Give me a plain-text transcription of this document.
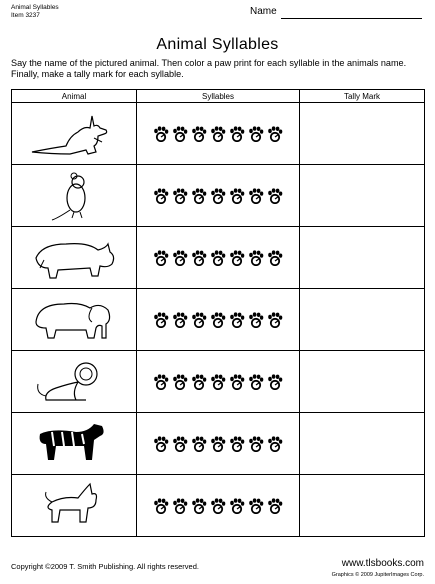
Animal Syllables
Item 3237	Name
Animal Syllables
Say the name of the pictured animal. Then color a paw print for each syllable in the animals name. Finally, make a tally mark for each syllable.
Animal	Syllables	Tally Mark

Copyright ©2009 T. Smith Publishing. All rights reserved.	www.tlsbooks.com
Graphics © 2009 JupiterImages Corp.
